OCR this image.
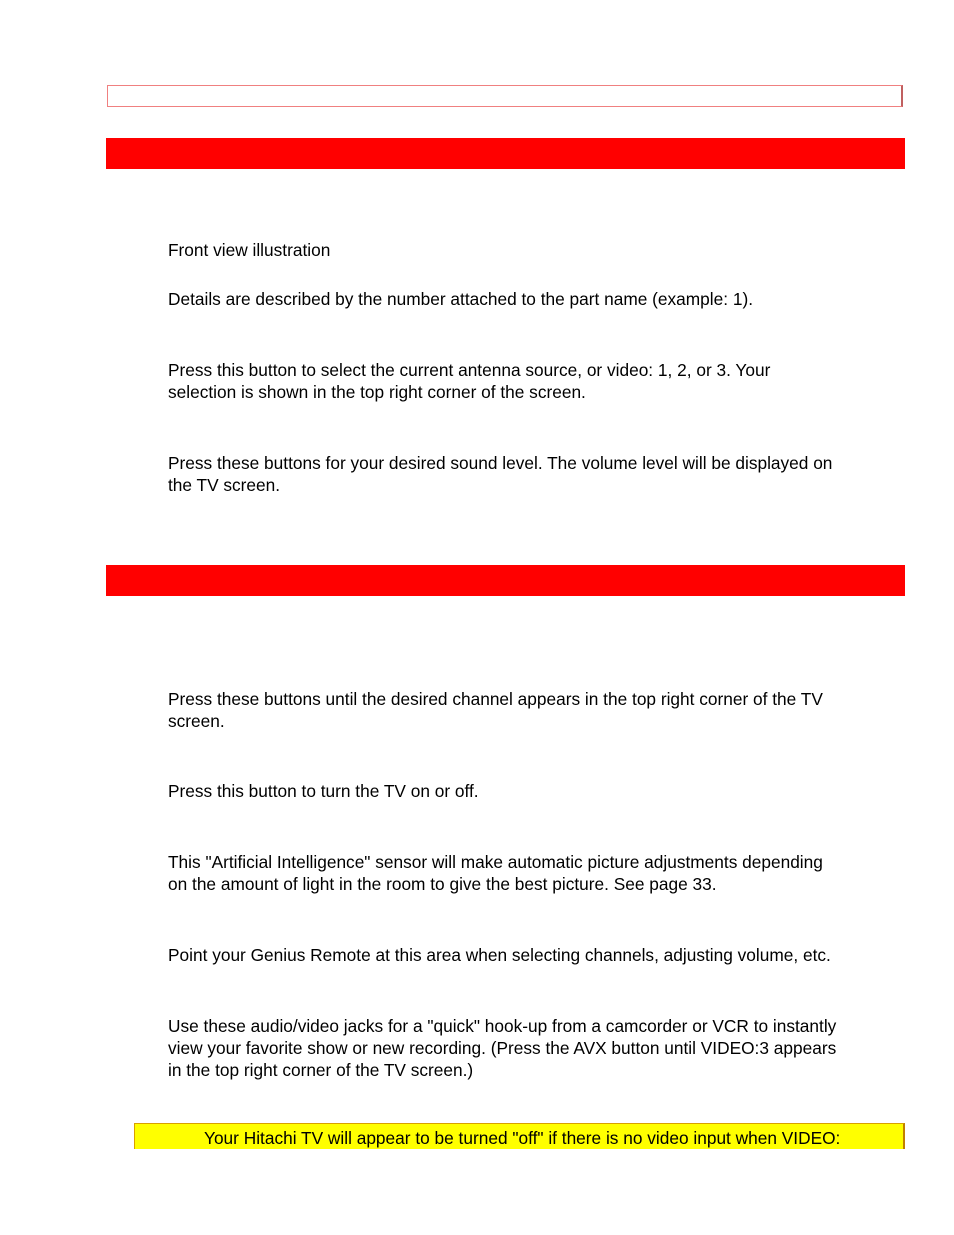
Front view illustration

Details are described by the number attached to the part name (example: 1).

Press this button to select the current antenna source, or video: 1, 2, or 3. Your
selection is shown in the top right corner of the screen.
Press these buttons for your desired sound level. The volume level will be displayed on
the TV screen.
Press these buttons until the desired channel appears in the top right corner of the TV
screen.

Press this button to turn the TV on or off.

This "Artificial Intelligence" sensor will make automatic picture adjustments depending
on the amount of light in the room to give the best picture. See page 33.

Point your Genius Remote at this area when selecting channels, adjusting volume, etc.

Use these audio/video jacks for a "quick" hook-up from a camcorder or VCR to instantly
view your favorite show or new recording. (Press the AVX button until VIDEO:3 appears
in the top right corner of the TV screen.)
Your Hitachi TV will appear to be turned "off" if there is no video input when VIDEO:
